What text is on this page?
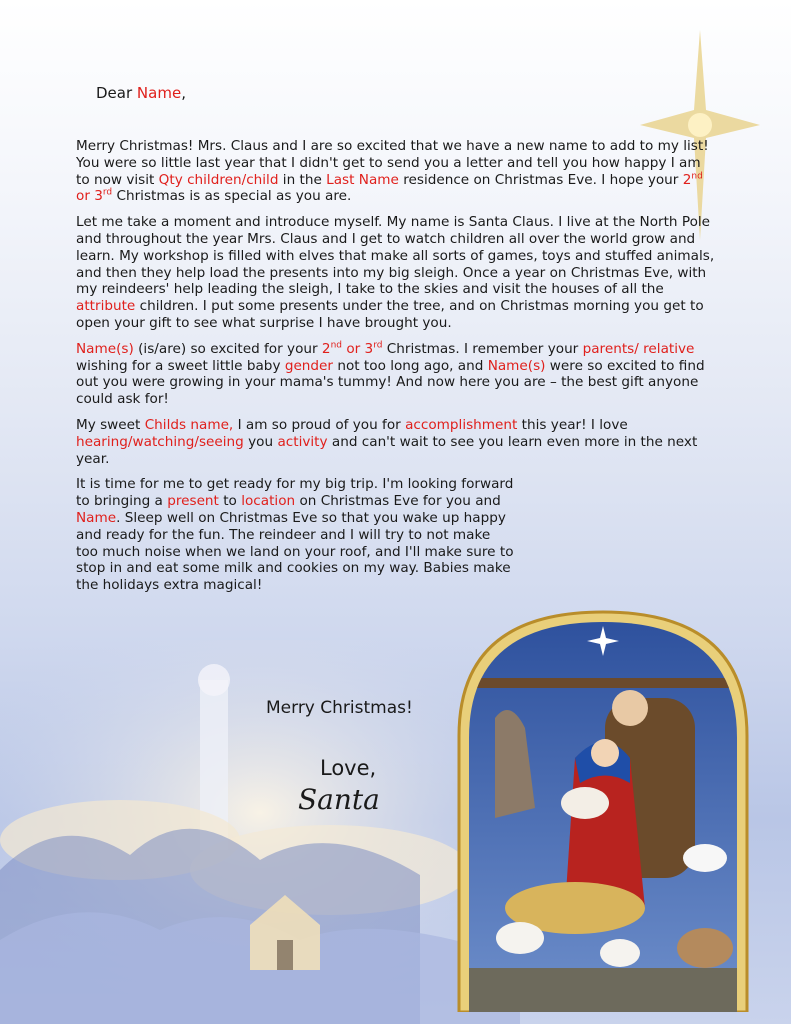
Dear Name,

Merry Christmas! Mrs. Claus and I are so excited that we have a new name to add to my list! You were so little last year that I didn't get to send you a letter and tell you how happy I am to now visit Qty children/child in the Last Name residence on Christmas Eve. I hope your 2nd or 3rd Christmas is as special as you are.

Let me take a moment and introduce myself. My name is Santa Claus. I live at the North Pole and throughout the year Mrs. Claus and I get to watch children all over the world grow and learn. My workshop is filled with elves that make all sorts of games, toys and stuffed animals, and then they help load the presents into my big sleigh. Once a year on Christmas Eve, with my reindeers' help leading the sleigh, I take to the skies and visit the houses of all the attribute children. I put some presents under the tree, and on Christmas morning you get to open your gift to see what surprise I have brought you.

Name(s) (is/are) so excited for your 2nd or 3rd Christmas. I remember your parents/ relative wishing for a sweet little baby gender not too long ago, and Name(s) were so excited to find out you were growing in your mama's tummy! And now here you are – the best gift anyone could ask for!

My sweet Childs name, I am so proud of you for accomplishment this year! I love hearing/watching/seeing you activity and can't wait to see you learn even more in the next year.

It is time for me to get ready for my big trip. I'm looking forward to bringing a present to location on Christmas Eve for you and Name. Sleep well on Christmas Eve so that you wake up happy and ready for the fun. The reindeer and I will try to not make too much noise when we land on your roof, and I'll make sure to stop in and eat some milk and cookies on my way. Babies make the holidays extra magical!

Merry Christmas!
Love,
Santa
